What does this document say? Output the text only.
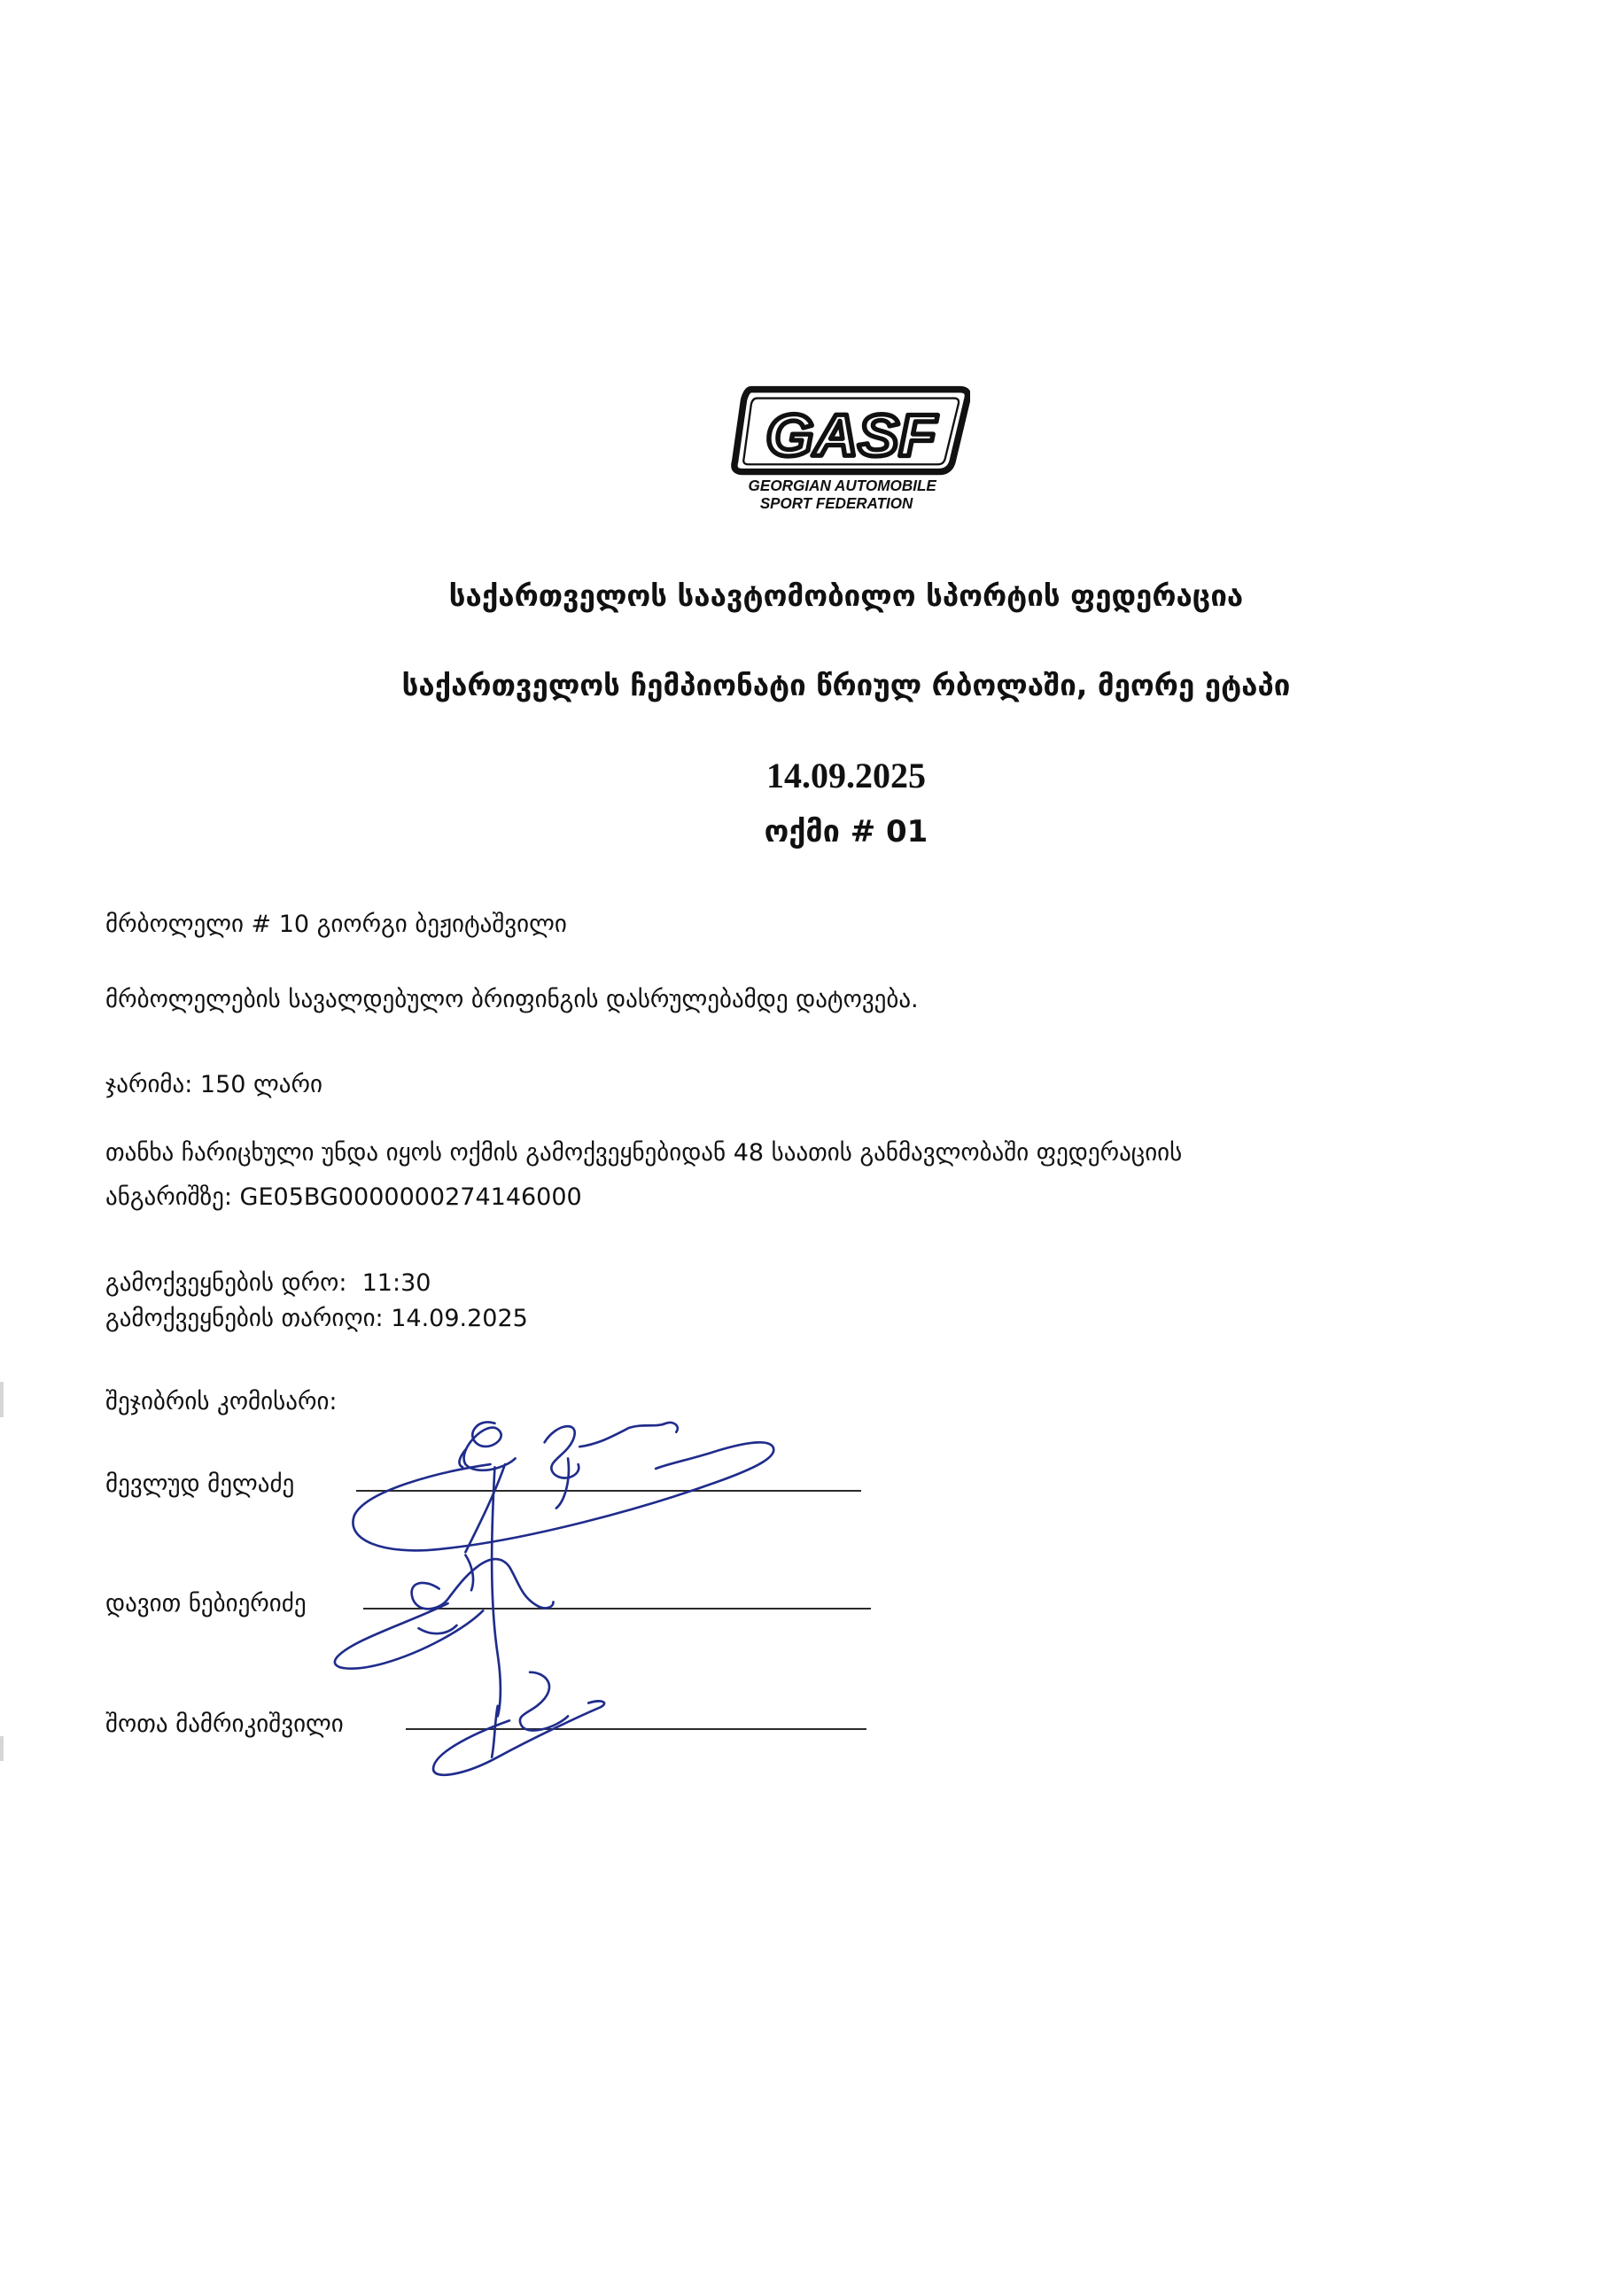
GASF
GEORGIAN AUTOMOBILE
SPORT FEDERATION
საქართველოს საავტომობილო სპორტის ფედერაცია
საქართველოს ჩემპიონატი წრიულ რბოლაში, მეორე ეტაპი
14.09.2025
ოქმი # 01
მრბოლელი # 10 გიორგი ბეჟიტაშვილი
მრბოლელების სავალდებულო ბრიფინგის დასრულებამდე დატოვება.
ჯარიმა: 150 ლარი
თანხა ჩარიცხული უნდა იყოს ოქმის გამოქვეყნებიდან 48 საათის განმავლობაში ფედერაციის
ანგარიშზე: GE05BG0000000274146000
გამოქვეყნების დრო:  11:30
გამოქვეყნების თარიღი: 14.09.2025
შეჯიბრის კომისარი:
მევლუდ მელაძე
დავით ნებიერიძე
შოთა მამრიკიშვილი
